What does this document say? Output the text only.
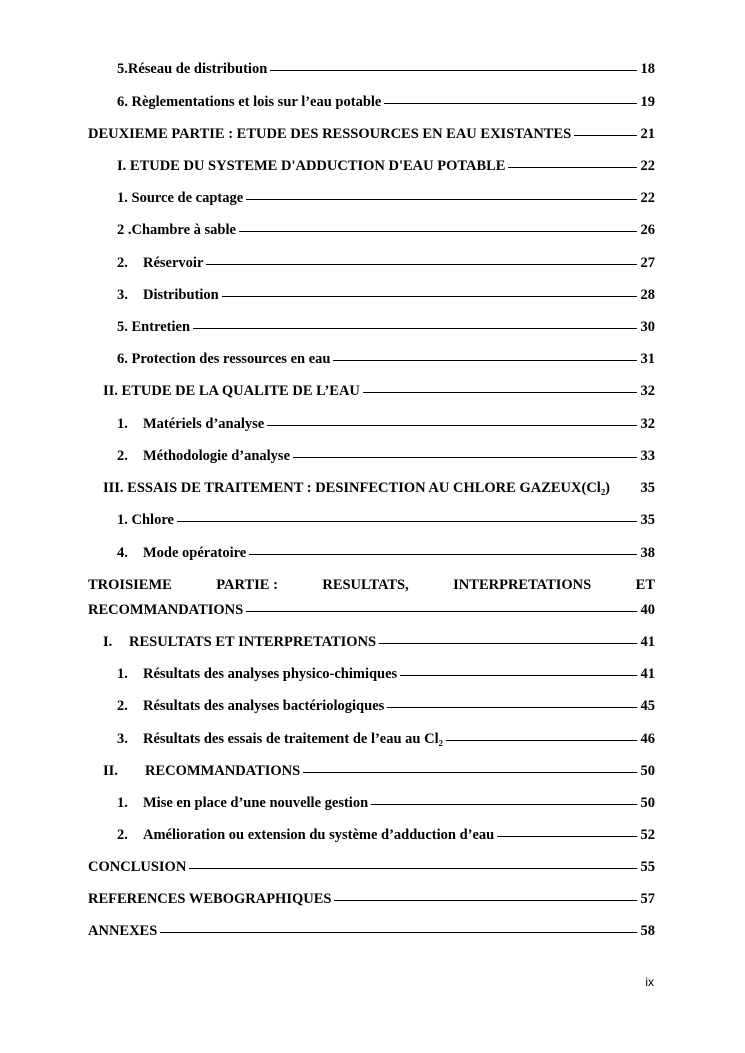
5.Réseau de distribution	18
6. Règlementations et lois sur l’eau potable	19
DEUXIEME PARTIE : ETUDE DES RESSOURCES EN EAU EXISTANTES	21
I. ETUDE DU SYSTEME D'ADDUCTION D'EAU POTABLE	22
1. Source de captage	22
2 .Chambre à sable	26
2.	Réservoir	27
3.	Distribution	28
5. Entretien	30
6. Protection des ressources en eau	31
II. ETUDE DE LA QUALITE DE L’EAU	32
1.	Matériels d’analyse	32
2.	Méthodologie d’analyse	33
III. ESSAIS DE TRAITEMENT : DESINFECTION AU CHLORE GAZEUX(Cl₂) 35
1. Chlore	35
4.	Mode opératoire	38
TROISIEME	PARTIE :	RESULTATS,	INTERPRETATIONS	ET
RECOMMANDATIONS	40
I.	RESULTATS ET INTERPRETATIONS	41
1.	Résultats des analyses physico-chimiques	41
2.	Résultats des analyses bactériologiques	45
3.	Résultats des essais de traitement de l’eau au Cl₂	46
II.	RECOMMANDATIONS	50
1.	Mise en place d’une nouvelle gestion	50
2.	Amélioration ou extension du système d’adduction d’eau	52
CONCLUSION	55
REFERENCES WEBOGRAPHIQUES	57
ANNEXES	58
ix
